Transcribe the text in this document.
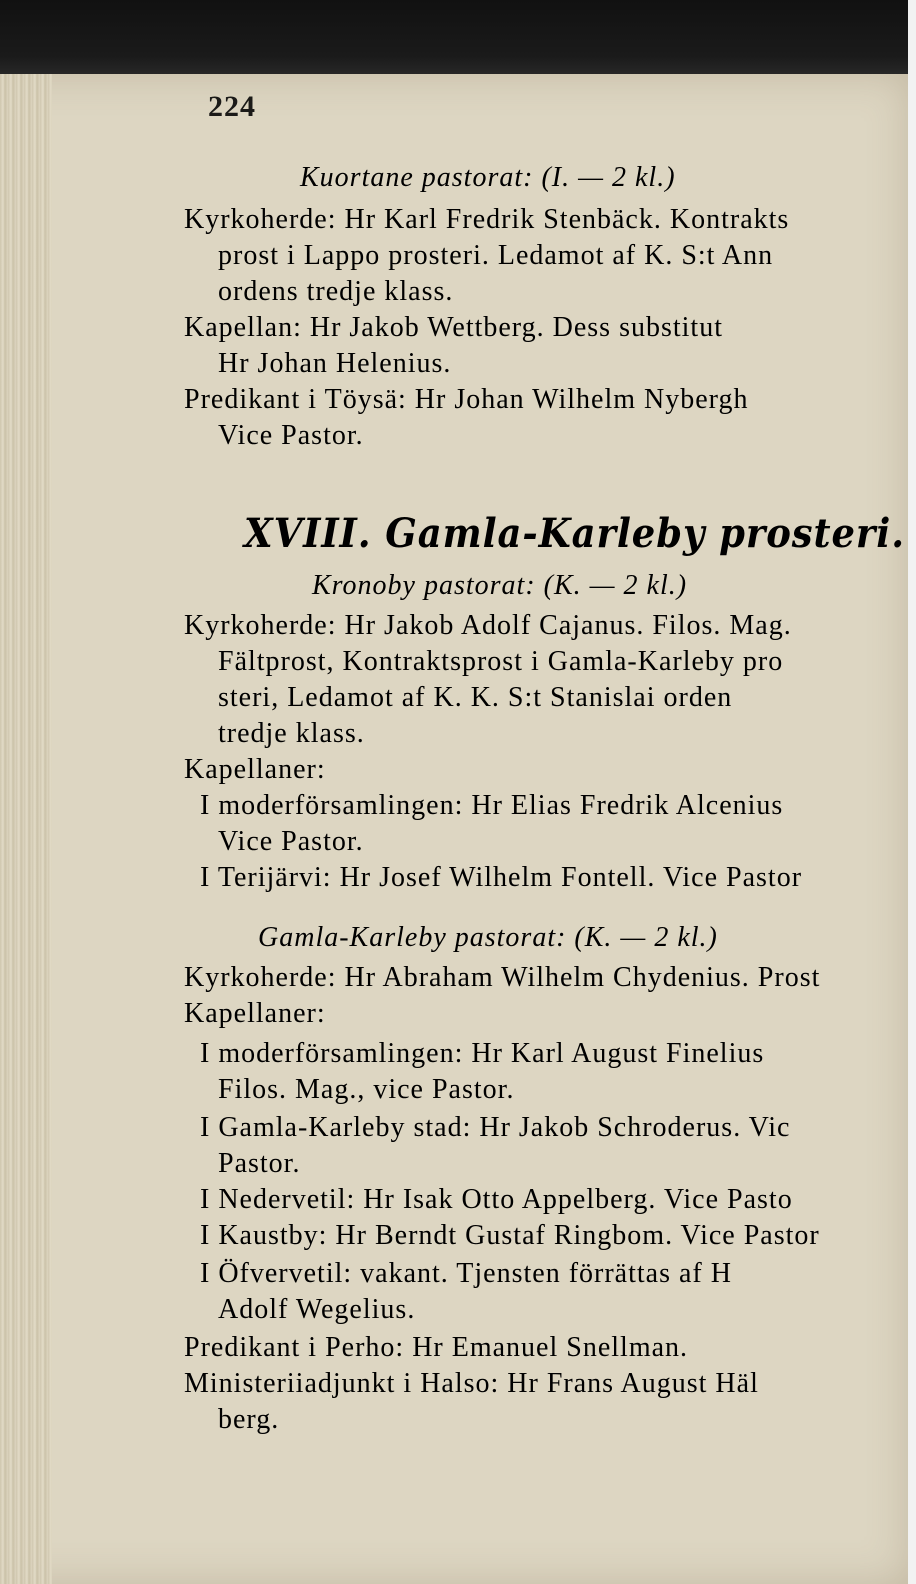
224
Kuortane pastorat: (I. — 2 kl.)
Kyrkoherde: Hr Karl Fredrik Stenbäck. Kontrakts
prost i Lappo prosteri. Ledamot af K. S:t Ann
ordens tredje klass.
Kapellan: Hr Jakob Wettberg. Dess substitut
Hr Johan Helenius.
Predikant i Töysä: Hr Johan Wilhelm Nybergh
Vice Pastor.
XVIII. Gamla-Karleby prosteri.
Kronoby pastorat: (K. — 2 kl.)
Kyrkoherde: Hr Jakob Adolf Cajanus. Filos. Mag.
Fältprost, Kontraktsprost i Gamla-Karleby pro
steri, Ledamot af K. K. S:t Stanislai orden
tredje klass.
Kapellaner:
I moderförsamlingen: Hr Elias Fredrik Alcenius
Vice Pastor.
I Terijärvi: Hr Josef Wilhelm Fontell. Vice Pastor
Gamla-Karleby pastorat: (K. — 2 kl.)
Kyrkoherde: Hr Abraham Wilhelm Chydenius. Prost
Kapellaner:
I moderförsamlingen: Hr Karl August Finelius
Filos. Mag., vice Pastor.
I Gamla-Karleby stad: Hr Jakob Schroderus. Vic
Pastor.
I Nedervetil: Hr Isak Otto Appelberg. Vice Pasto
I Kaustby: Hr Berndt Gustaf Ringbom. Vice Pastor
I Öfvervetil: vakant. Tjensten förrättas af H
Adolf Wegelius.
Predikant i Perho: Hr Emanuel Snellman.
Ministeriiadjunkt i Halso: Hr Frans August Häl
berg.
